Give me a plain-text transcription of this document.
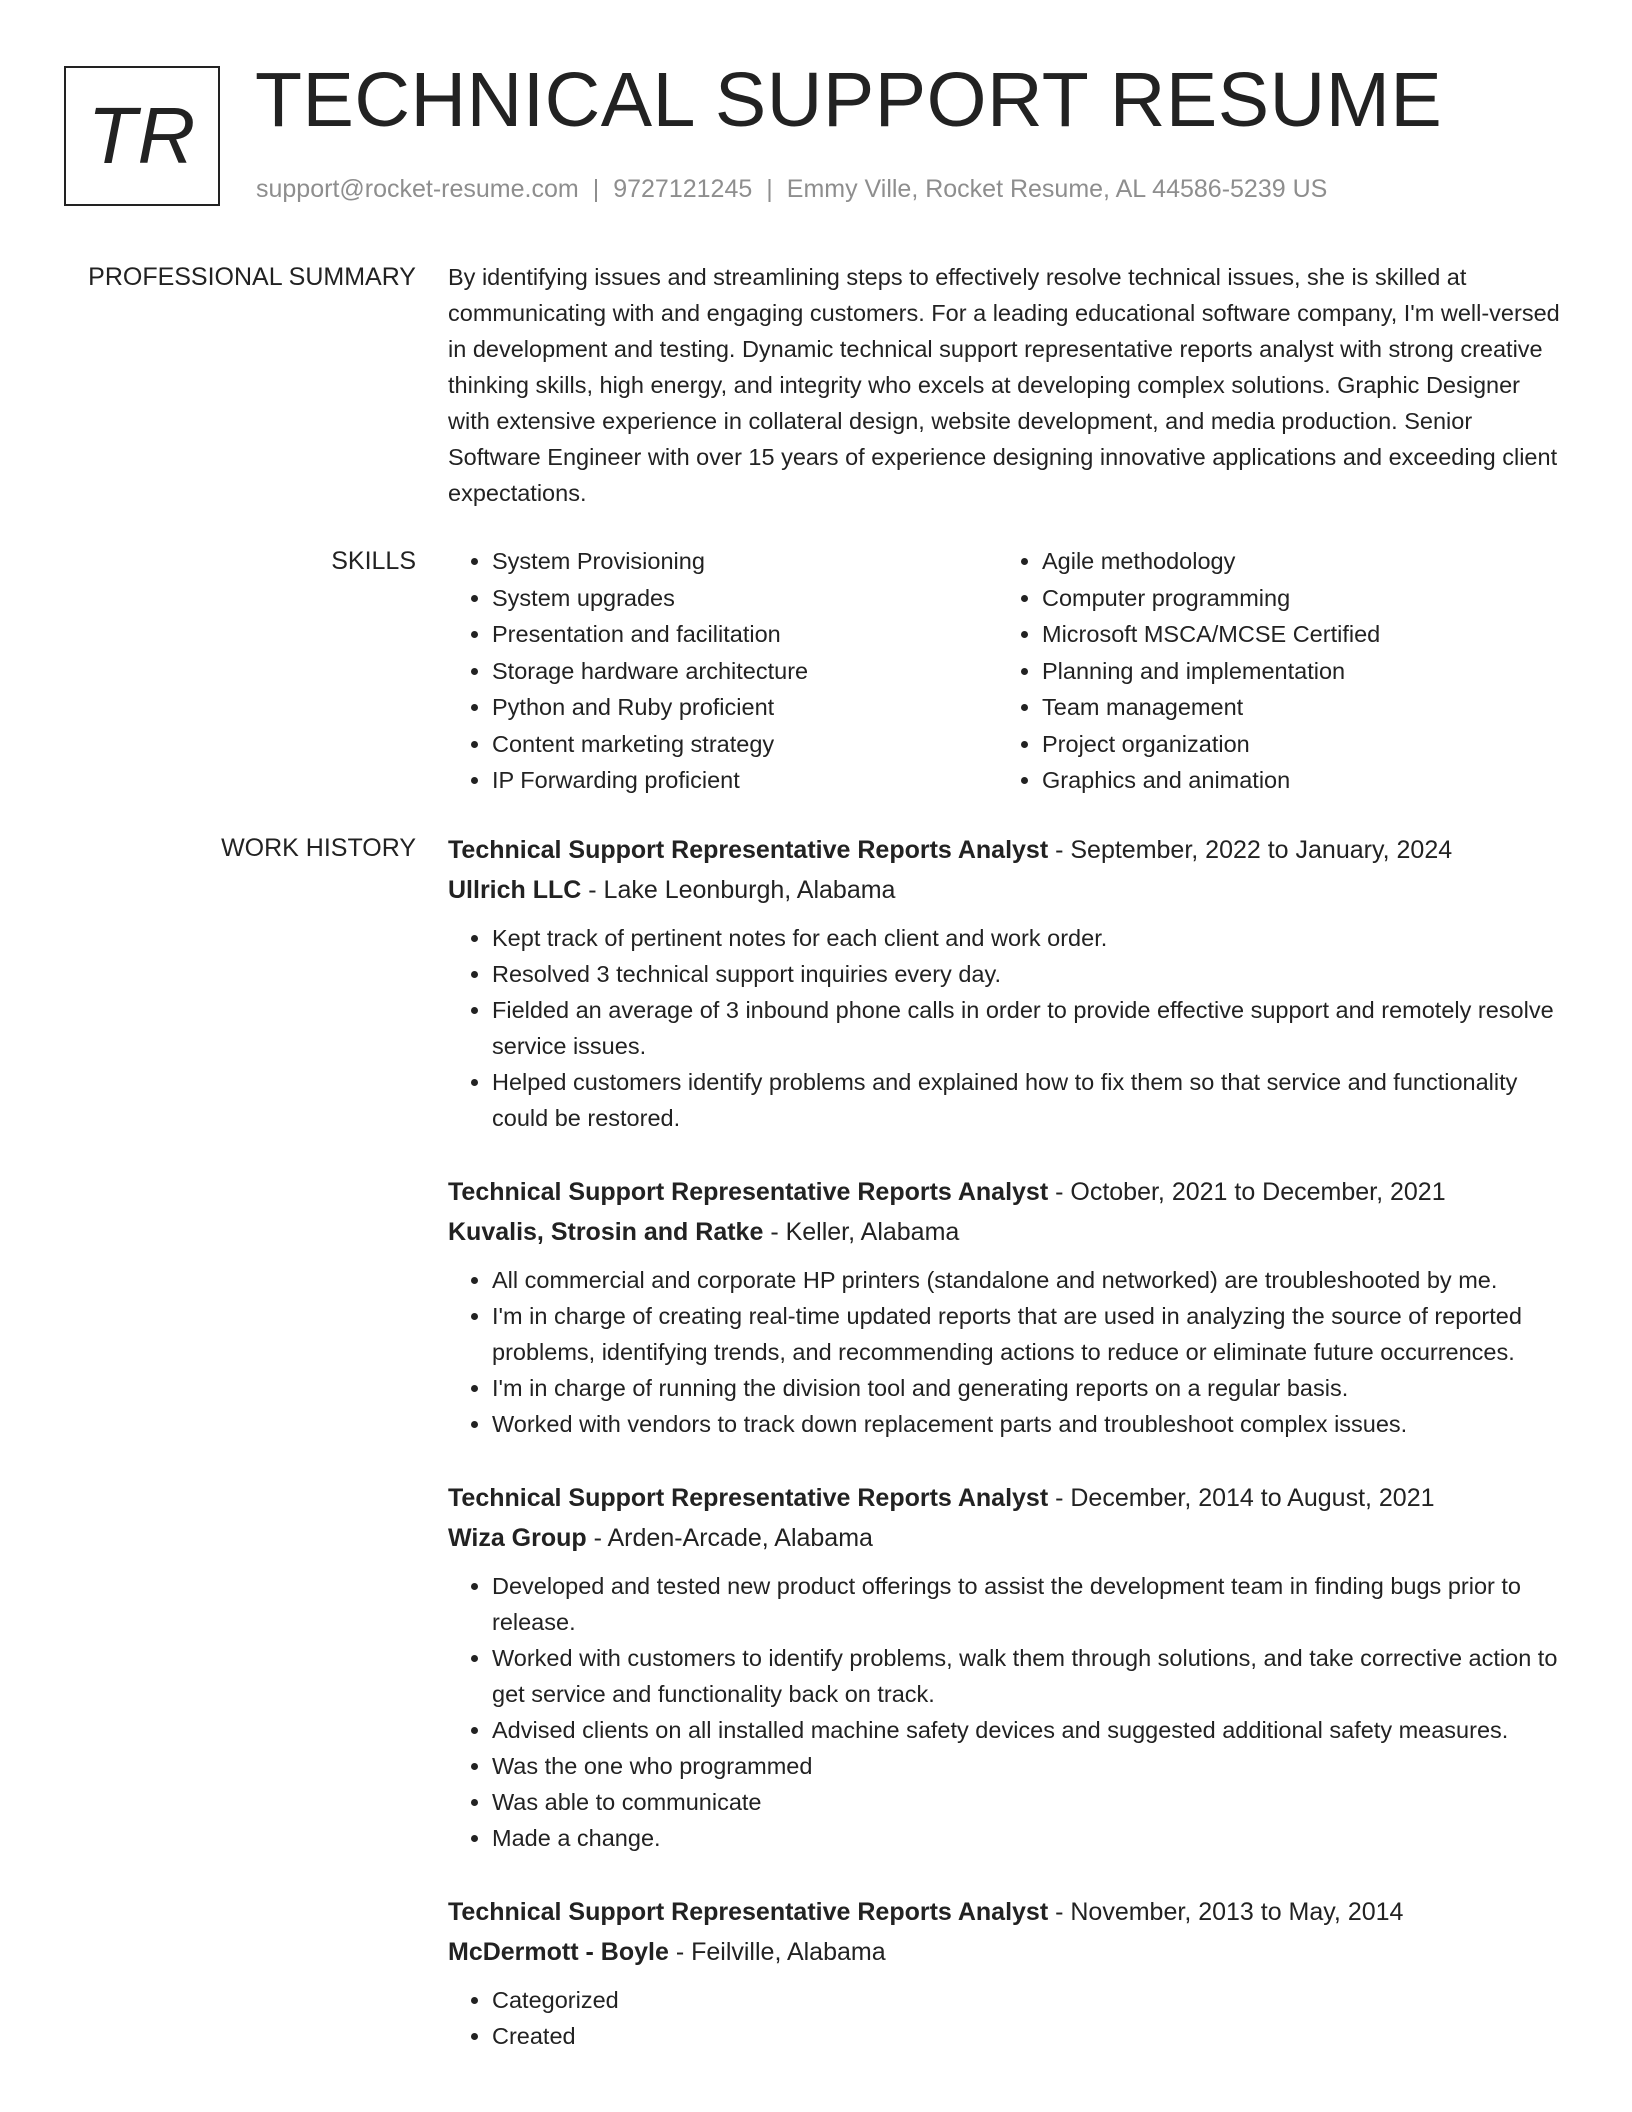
TR TECHNICAL SUPPORT RESUME
support@rocket-resume.com | 9727121245 | Emmy Ville, Rocket Resume, AL 44586-5239 US
PROFESSIONAL SUMMARY By identifying issues and streamlining steps to effectively resolve technical issues, she is skilled at communicating with and engaging customers. For a leading educational software company, I'm well-versed in development and testing. Dynamic technical support representative reports analyst with strong creative thinking skills, high energy, and integrity who excels at developing complex solutions. Graphic Designer with extensive experience in collateral design, website development, and media production. Senior Software Engineer with over 15 years of experience designing innovative applications and exceeding client expectations.

SKILLS
•	System Provisioning
• System upgrades
• Presentation and facilitation
• Storage hardware architecture
• Python and Ruby proficient
• Content marketing strategy
• IP Forwarding proficient
• Agile methodology
• Computer programming
• Microsoft MSCA/MCSE Certified
• Planning and implementation
• Team management
• Project organization
• Graphics and animation
WORK HISTORY Technical Support Representative Reports Analyst - September, 2022 to January, 2024
Ullrich LLC - Lake Leonburgh, Alabama
• Kept track of pertinent notes for each client and work order.
• Resolved 3 technical support inquiries every day.
• Fielded an average of 3 inbound phone calls in order to provide effective support and remotely resolve service issues.
• Helped customers identify problems and explained how to fix them so that service and functionality could be restored.
Technical Support Representative Reports Analyst - October, 2021 to December, 2021
Kuvalis, Strosin and Ratke - Keller, Alabama
• All commercial and corporate HP printers (standalone and networked) are troubleshooted by me.
• I'm in charge of creating real-time updated reports that are used in analyzing the source of reported problems, identifying trends, and recommending actions to reduce or eliminate future occurrences.
• I'm in charge of running the division tool and generating reports on a regular basis.
• Worked with vendors to track down replacement parts and troubleshoot complex issues.
Technical Support Representative Reports Analyst - December, 2014 to August, 2021
Wiza Group - Arden-Arcade, Alabama
• Developed and tested new product offerings to assist the development team in finding bugs prior to release.
• Worked with customers to identify problems, walk them through solutions, and take corrective action to get service and functionality back on track.
• Advised clients on all installed machine safety devices and suggested additional safety measures.
• Was the one who programmed
• Was able to communicate
• Made a change.
Technical Support Representative Reports Analyst - November, 2013 to May, 2014
McDermott - Boyle - Feilville, Alabama
• Categorized
• Created
